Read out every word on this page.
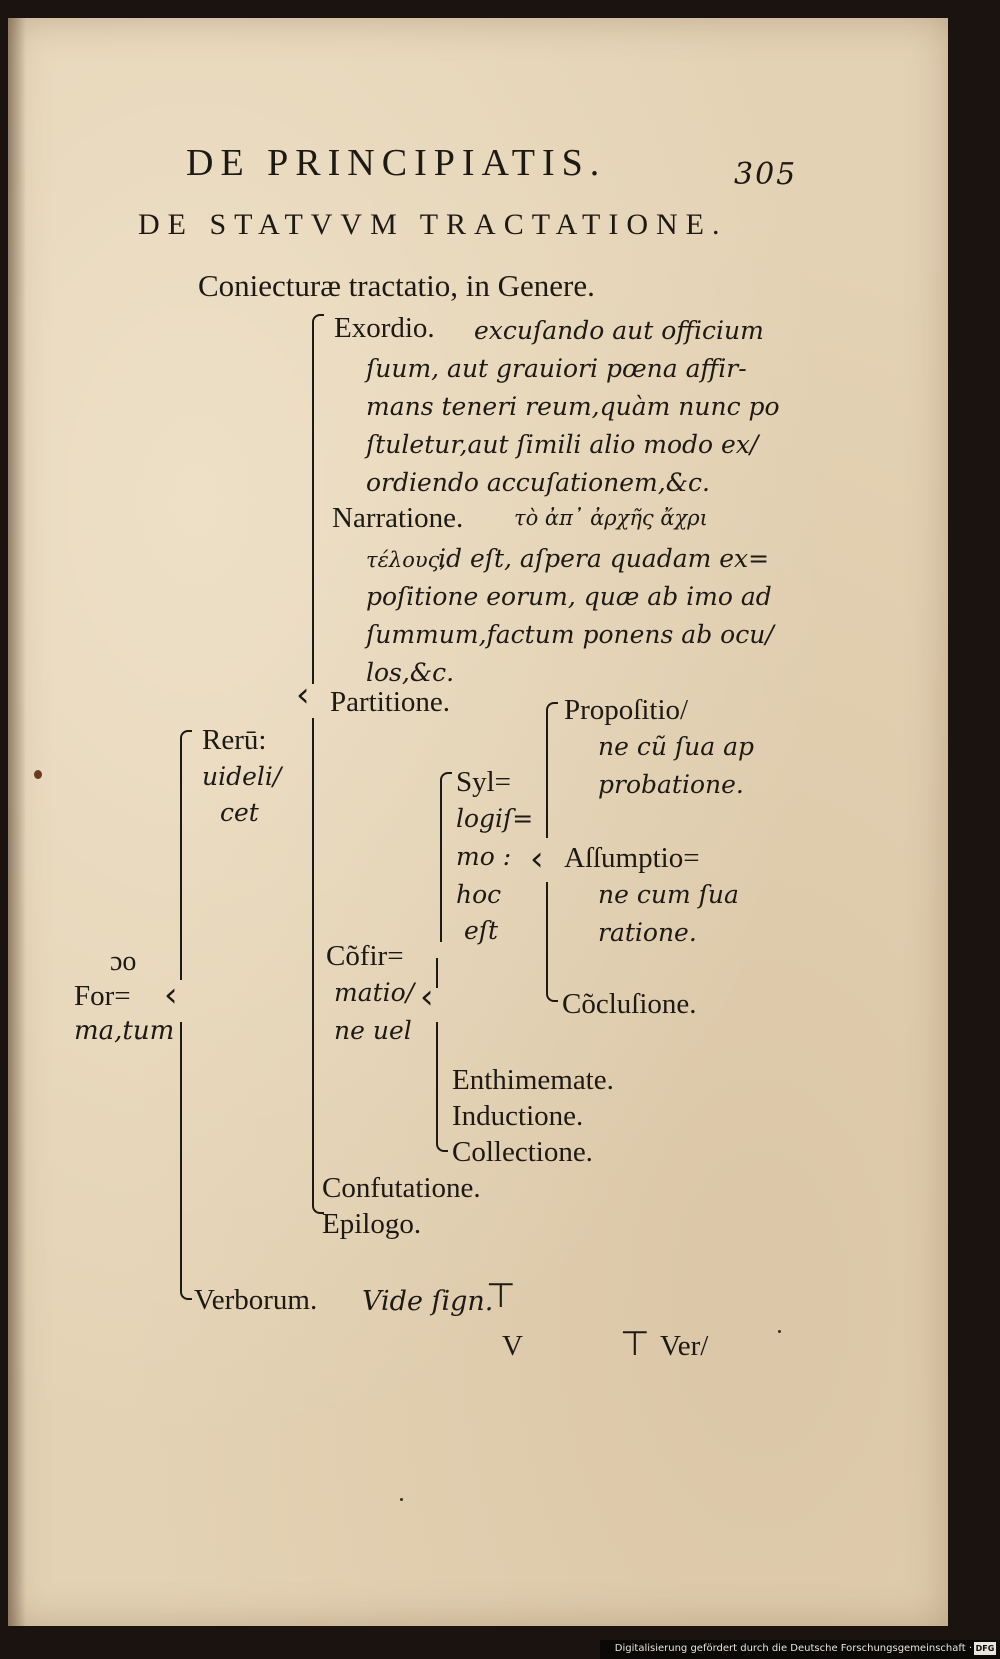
DE PRINCIPIATIS.	305
DE STATVVM TRACTATIONE.
Coniecturæ tractatio, in Genere.
ɔo
For=
ma,tum
‹
Rerū:
uideli/
cet
Verborum. Vide ſign.
⊤
‹
Exordio. excuſando aut officium
ſuum, aut grauiori pœna affir-
mans teneri reum,quàm nunc po
ſtuletur,aut ſimili alio modo ex/
ordiendo accuſationem,&c.
Narratione. τὸ ἀπ᾽ ἀρχῆς ἄχρι
τέλους,
id eſt, aſpera quadam ex=
poſitione eorum, quæ ab imo ad
ſummum,factum ponens ab ocu/
los,&c.
Partitione.
Cõfir=
matio/
ne uel
‹
Syl=
logiſ=
mo :
hoc
eſt
‹
Propoſitio/
ne cũ ſua ap
probatione.
Aſſumptio=
ne cum ſua
ratione.
Cõcluſione.
Enthimemate.
Inductione.
Collectione.
Confutatione.
Epilogo.
V	⊤ Ver/
Digitalisierung gefördert durch die Deutsche Forschungsgemeinschaft · DFG
